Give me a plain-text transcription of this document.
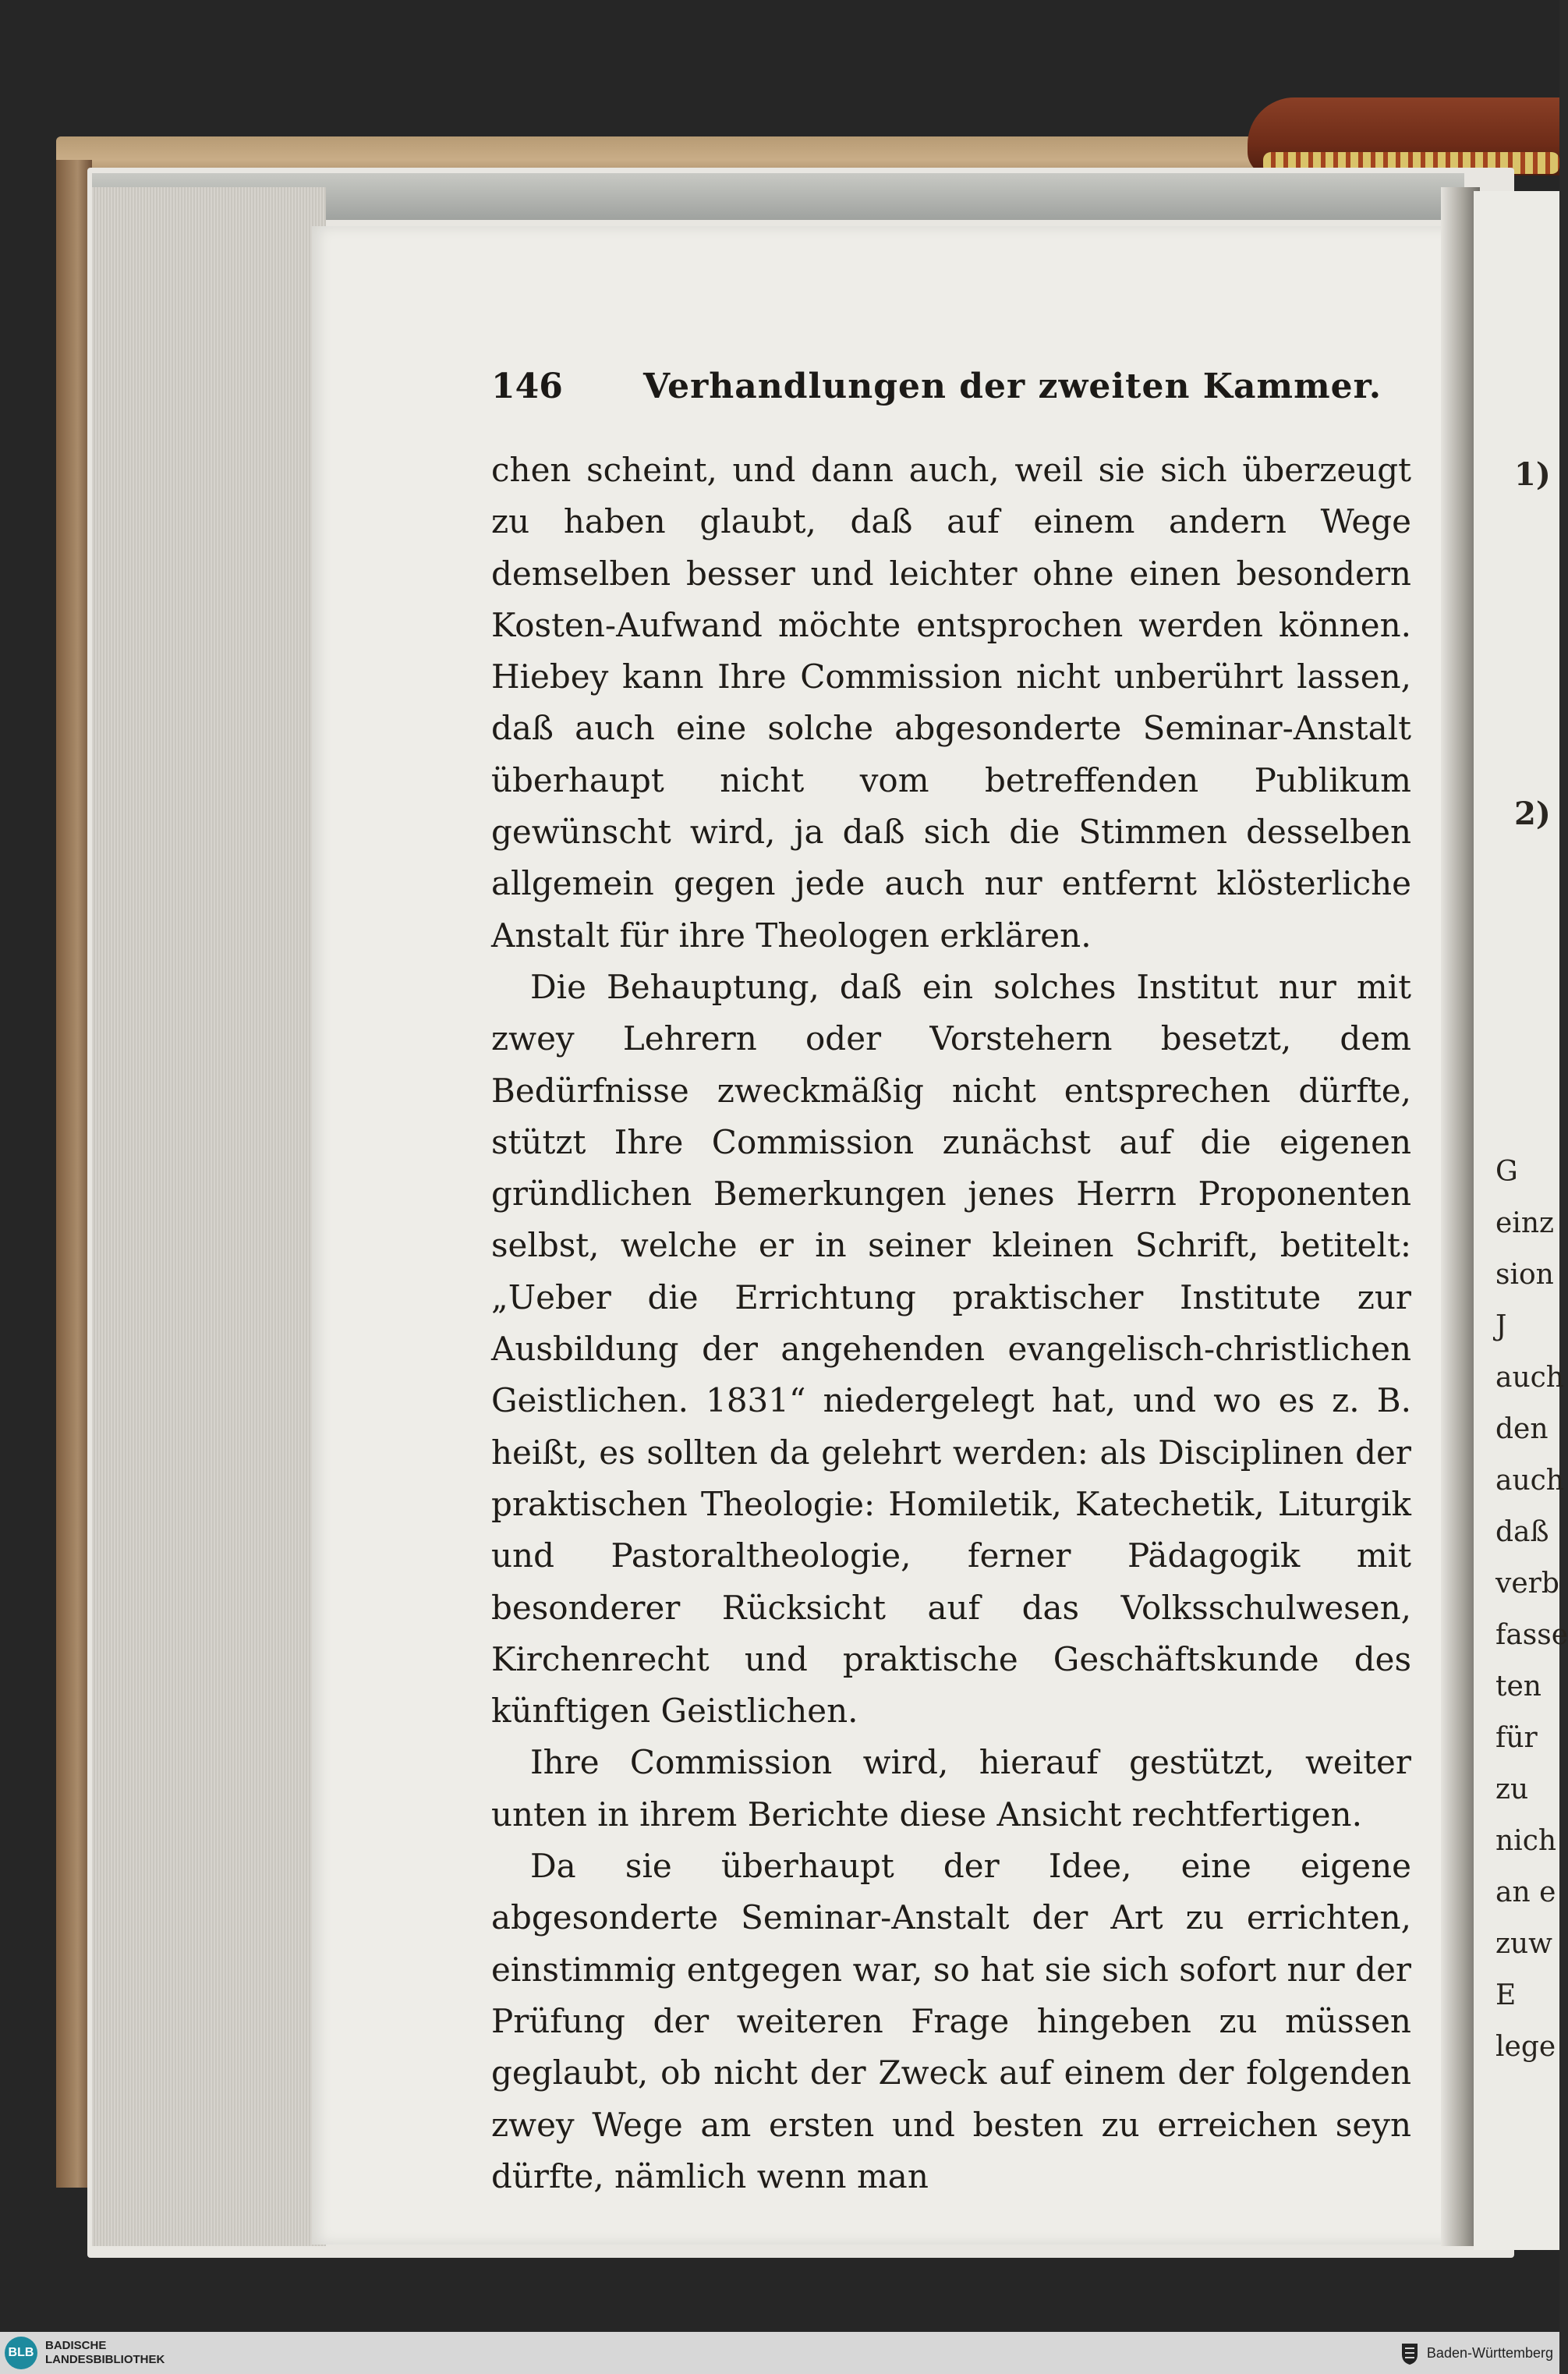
146	Verhandlungen der zweiten Kammer.

chen scheint, und dann auch, weil sie sich überzeugt zu haben glaubt, daß auf einem andern Wege demselben besser und leichter ohne einen besondern Kosten-Aufwand möchte entsprochen werden können. Hiebey kann Ihre Commission nicht unberührt lassen, daß auch eine solche abgesonderte Seminar-Anstalt überhaupt nicht vom betreffenden Publikum gewünscht wird, ja daß sich die Stimmen desselben allgemein gegen jede auch nur entfernt klösterliche Anstalt für ihre Theologen erklären.

Die Behauptung, daß ein solches Institut nur mit zwey Lehrern oder Vorstehern besetzt, dem Bedürfnisse zweckmäßig nicht entsprechen dürfte, stützt Ihre Commission zunächst auf die eigenen gründlichen Bemerkungen jenes Herrn Proponenten selbst, welche er in seiner kleinen Schrift, betitelt: „Ueber die Errichtung praktischer Institute zur Ausbildung der angehenden evangelisch-christlichen Geistlichen. 1831“ niedergelegt hat, und wo es z. B. heißt, es sollten da gelehrt werden: als Disciplinen der praktischen Theologie: Homiletik, Katechetik, Liturgik und Pastoraltheologie, ferner Pädagogik mit besonderer Rücksicht auf das Volksschulwesen, Kirchenrecht und praktische Geschäftskunde des künftigen Geistlichen.

Ihre Commission wird, hierauf gestützt, weiter unten in ihrem Berichte diese Ansicht rechtfertigen.

Da sie überhaupt der Idee, eine eigene abgesonderte Seminar-Anstalt der Art zu errichten, einstimmig entgegen war, so hat sie sich sofort nur der Prüfung der weiteren Frage hingeben zu müssen geglaubt, ob nicht der Zweck auf einem der folgenden zwey Wege am ersten und besten zu erreichen seyn dürfte, nämlich wenn man

1)
2)
G
einz
sion
J
auch
den
auch
daß
verb
fasse
ten
für
zu
nich
an e
zuw
E
lege
BLB
BADISCHE
LANDESBIBLIOTHEK	Baden-Württemberg
